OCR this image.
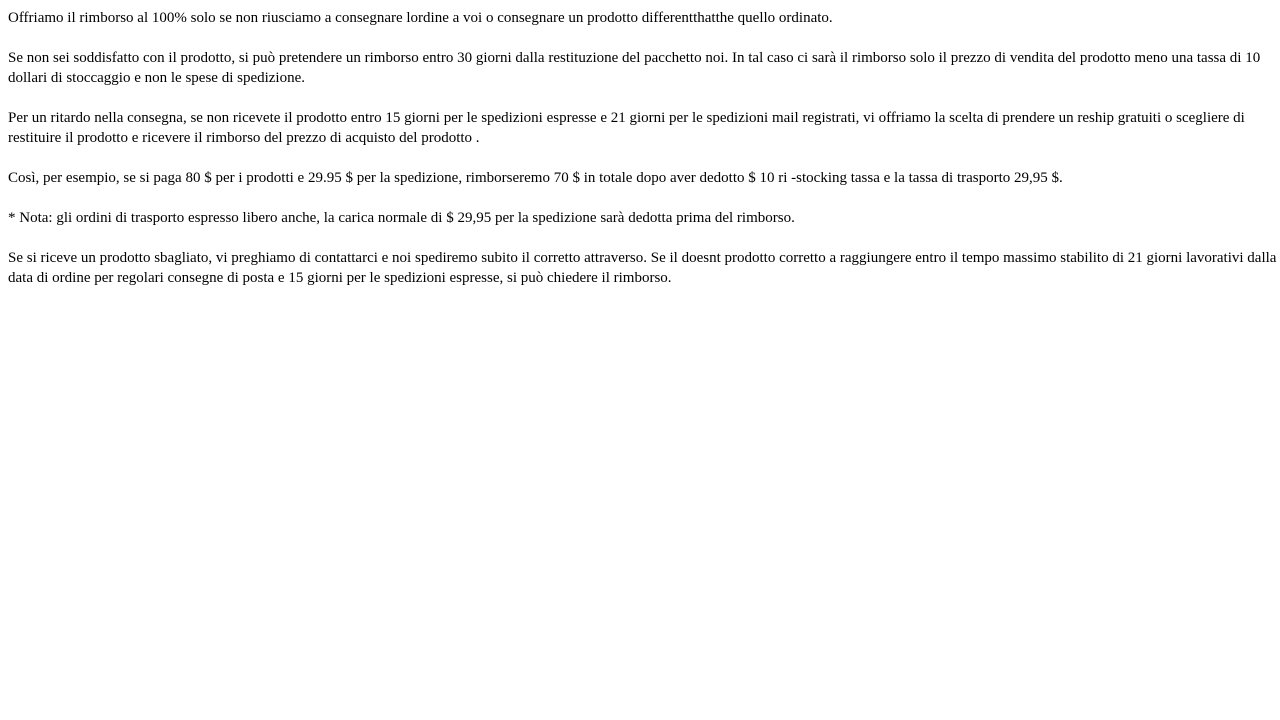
Offriamo il rimborso al 100% solo se non riusciamo a consegnare lordine a voi o consegnare un prodotto differentthatthe quello ordinato.

Se non sei soddisfatto con il prodotto, si può pretendere un rimborso entro 30 giorni dalla restituzione del pacchetto noi. In tal caso ci sarà il rimborso solo il prezzo di vendita del prodotto meno una tassa di 10 dollari di stoccaggio e non le spese di spedizione.

Per un ritardo nella consegna, se non ricevete il prodotto entro 15 giorni per le spedizioni espresse e 21 giorni per le spedizioni mail registrati, vi offriamo la scelta di prendere un reship gratuiti o scegliere di restituire il prodotto e ricevere il rimborso del prezzo di acquisto del prodotto .

Così, per esempio, se si paga 80 $ per i prodotti e 29.95 $ per la spedizione, rimborseremo 70 $ in totale dopo aver dedotto $ 10 ri -stocking tassa e la tassa di trasporto 29,95 $.

* Nota: gli ordini di trasporto espresso libero anche, la carica normale di $ 29,95 per la spedizione sarà dedotta prima del rimborso.

Se si riceve un prodotto sbagliato, vi preghiamo di contattarci e noi spediremo subito il corretto attraverso. Se il doesnt prodotto corretto a raggiungere entro il tempo massimo stabilito di 21 giorni lavorativi dalla data di ordine per regolari consegne di posta e 15 giorni per le spedizioni espresse, si può chiedere il rimborso.
